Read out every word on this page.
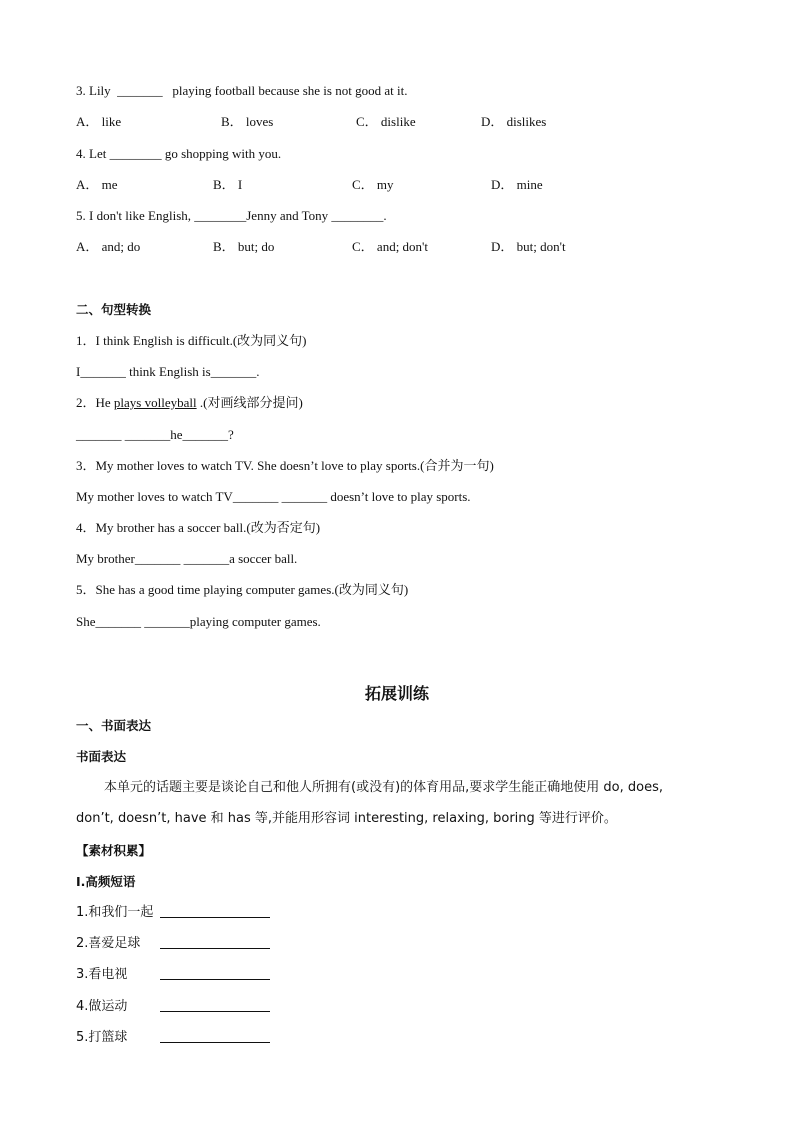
3. Lily  _______   playing football because she is not good at it.
A． like	B． loves	C． dislike	D． dislikes
4. Let ________ go shopping with you.
A． me	B． I	C． my	D． mine
5. I don't like English, ________Jenny and Tony ________.
A． and; do	B． but; do	C． and; don't	D． but; don't
二、句型转换
1．I think English is difficult.(改为同义句)
I_______ think English is_______.
2．He plays volleyball .(对画线部分提问)
_______ _______he_______?
3．My mother loves to watch TV. She doesn’t love to play sports.(合并为一句)
My mother loves to watch TV_______ _______ doesn’t love to play sports.
4．My brother has a soccer ball.(改为否定句)
My brother_______ _______a soccer ball.
5．She has a good time playing computer games.(改为同义句)
She_______ _______playing computer games.
拓展训练
一、书面表达
书面表达
本单元的话题主要是谈论自己和他人所拥有(或没有)的体育用品,要求学生能正确地使用 do, does,
don’t, doesn’t, have 和 has 等,并能用形容词 interesting, relaxing, boring 等进行评价。
【素材积累】
Ⅰ.高频短语
1.和我们一起
2.喜爱足球
3.看电视
4.做运动
5.打篮球
